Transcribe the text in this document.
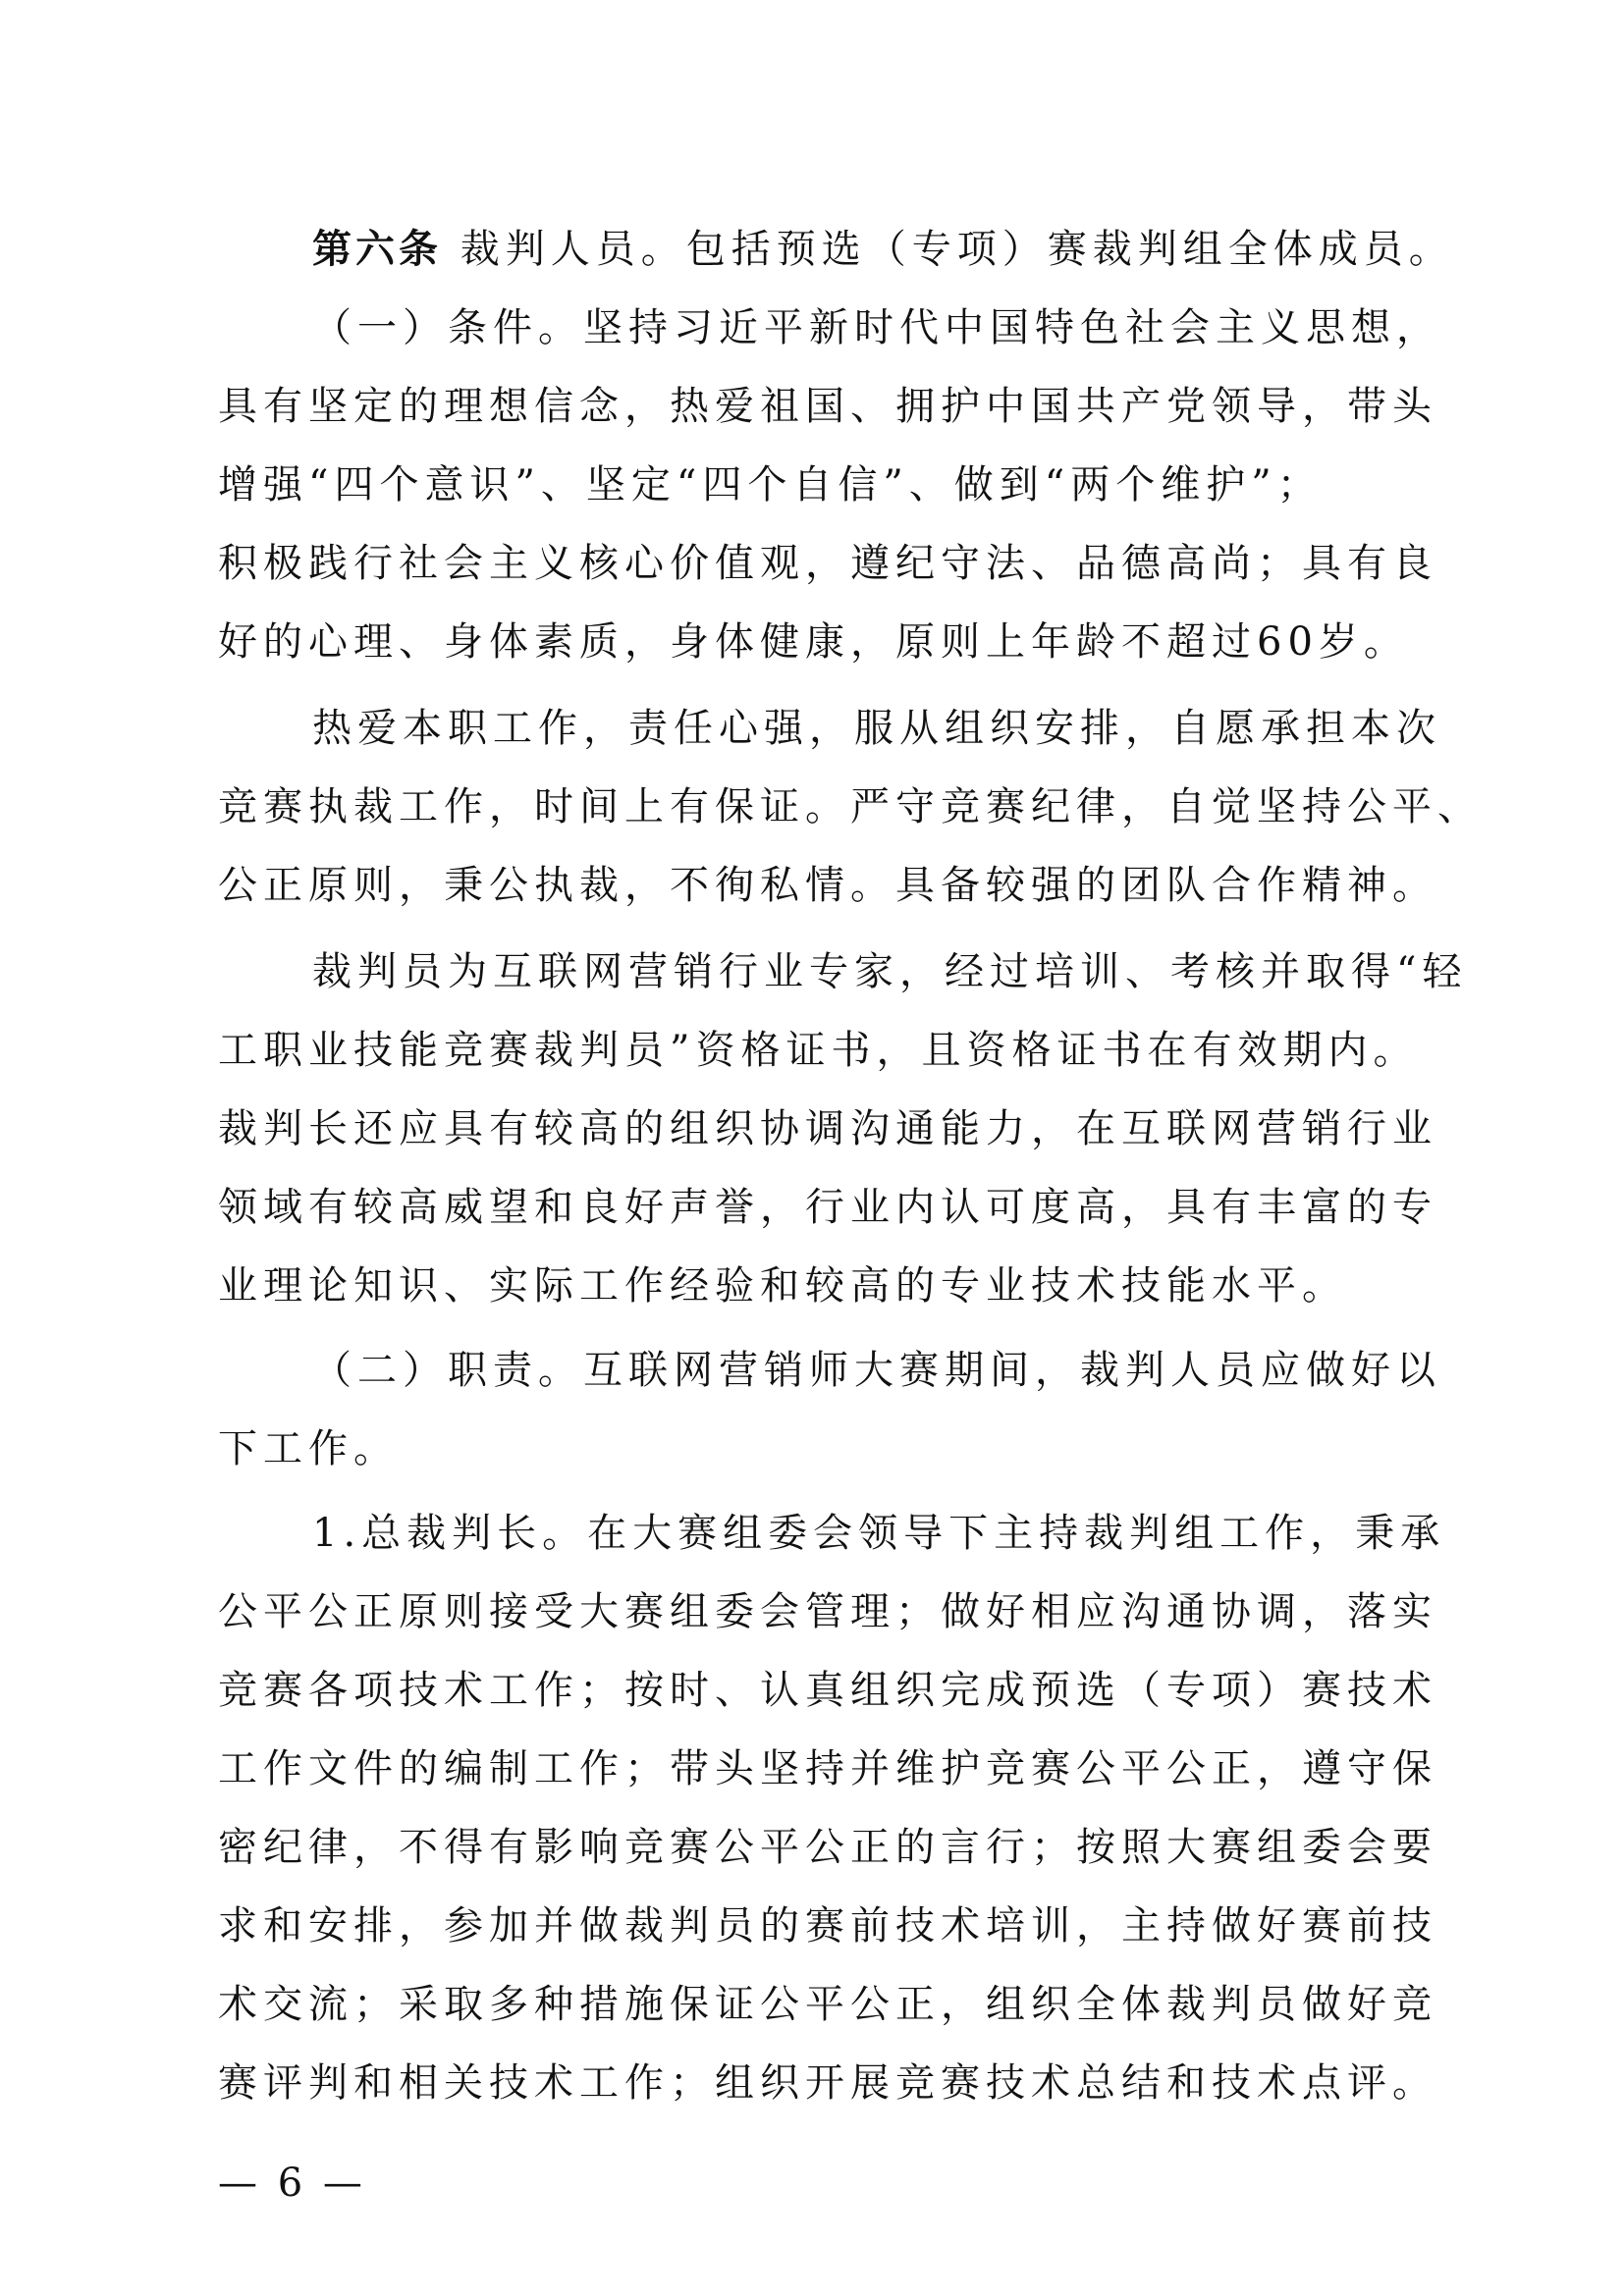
第六条 裁判人员。包括预选（专项）赛裁判组全体成员。
（一）条件。坚持习近平新时代中国特色社会主义思想，
具有坚定的理想信念，热爱祖国、拥护中国共产党领导，带头
增强“四个意识”、坚定“四个自信”、做到“两个维护”；
积极践行社会主义核心价值观，遵纪守法、品德高尚；具有良
好的心理、身体素质，身体健康，原则上年龄不超过60岁。
热爱本职工作，责任心强，服从组织安排，自愿承担本次
竞赛执裁工作，时间上有保证。严守竞赛纪律，自觉坚持公平、
公正原则，秉公执裁，不徇私情。具备较强的团队合作精神。
裁判员为互联网营销行业专家，经过培训、考核并取得“轻
工职业技能竞赛裁判员”资格证书，且资格证书在有效期内。
裁判长还应具有较高的组织协调沟通能力，在互联网营销行业
领域有较高威望和良好声誉，行业内认可度高，具有丰富的专
业理论知识、实际工作经验和较高的专业技术技能水平。
（二）职责。互联网营销师大赛期间，裁判人员应做好以
下工作。
1.总裁判长。在大赛组委会领导下主持裁判组工作，秉承
公平公正原则接受大赛组委会管理；做好相应沟通协调，落实
竞赛各项技术工作；按时、认真组织完成预选（专项）赛技术
工作文件的编制工作；带头坚持并维护竞赛公平公正，遵守保
密纪律，不得有影响竞赛公平公正的言行；按照大赛组委会要
求和安排，参加并做裁判员的赛前技术培训，主持做好赛前技
术交流；采取多种措施保证公平公正，组织全体裁判员做好竞
赛评判和相关技术工作；组织开展竞赛技术总结和技术点评。
— 6 —
